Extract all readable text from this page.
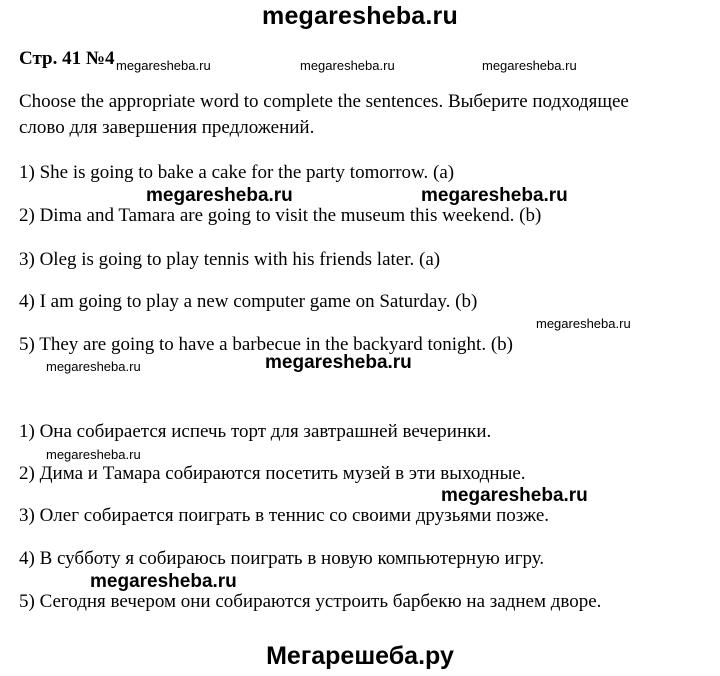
megaresheba.ru
Стр. 41 №4 megaresheba.ru	megaresheba.ru	megaresheba.ru
Choose the appropriate word to complete the sentences. Выберите подходящее
слово для завершения предложений.
1) She is going to bake a cake for the party tomorrow. (a)
megaresheba.ru	megaresheba.ru
2) Dima and Tamara are going to visit the museum this weekend. (b)
3) Oleg is going to play tennis with his friends later. (a)
4) I am going to play a new computer game on Saturday. (b)
megaresheba.ru
5) They are going to have a barbecue in the backyard tonight. (b)
megaresheba.ru	megaresheba.ru
1) Она собирается испечь торт для завтрашней вечеринки.
megaresheba.ru
2) Дима и Тамара собираются посетить музей в эти выходные.
megaresheba.ru
3) Олег собирается поиграть в теннис со своими друзьями позже.
4) В субботу я собираюсь поиграть в новую компьютерную игру.
megaresheba.ru
5) Сегодня вечером они собираются устроить барбекю на заднем дворе.
Мегарешеба.ру
